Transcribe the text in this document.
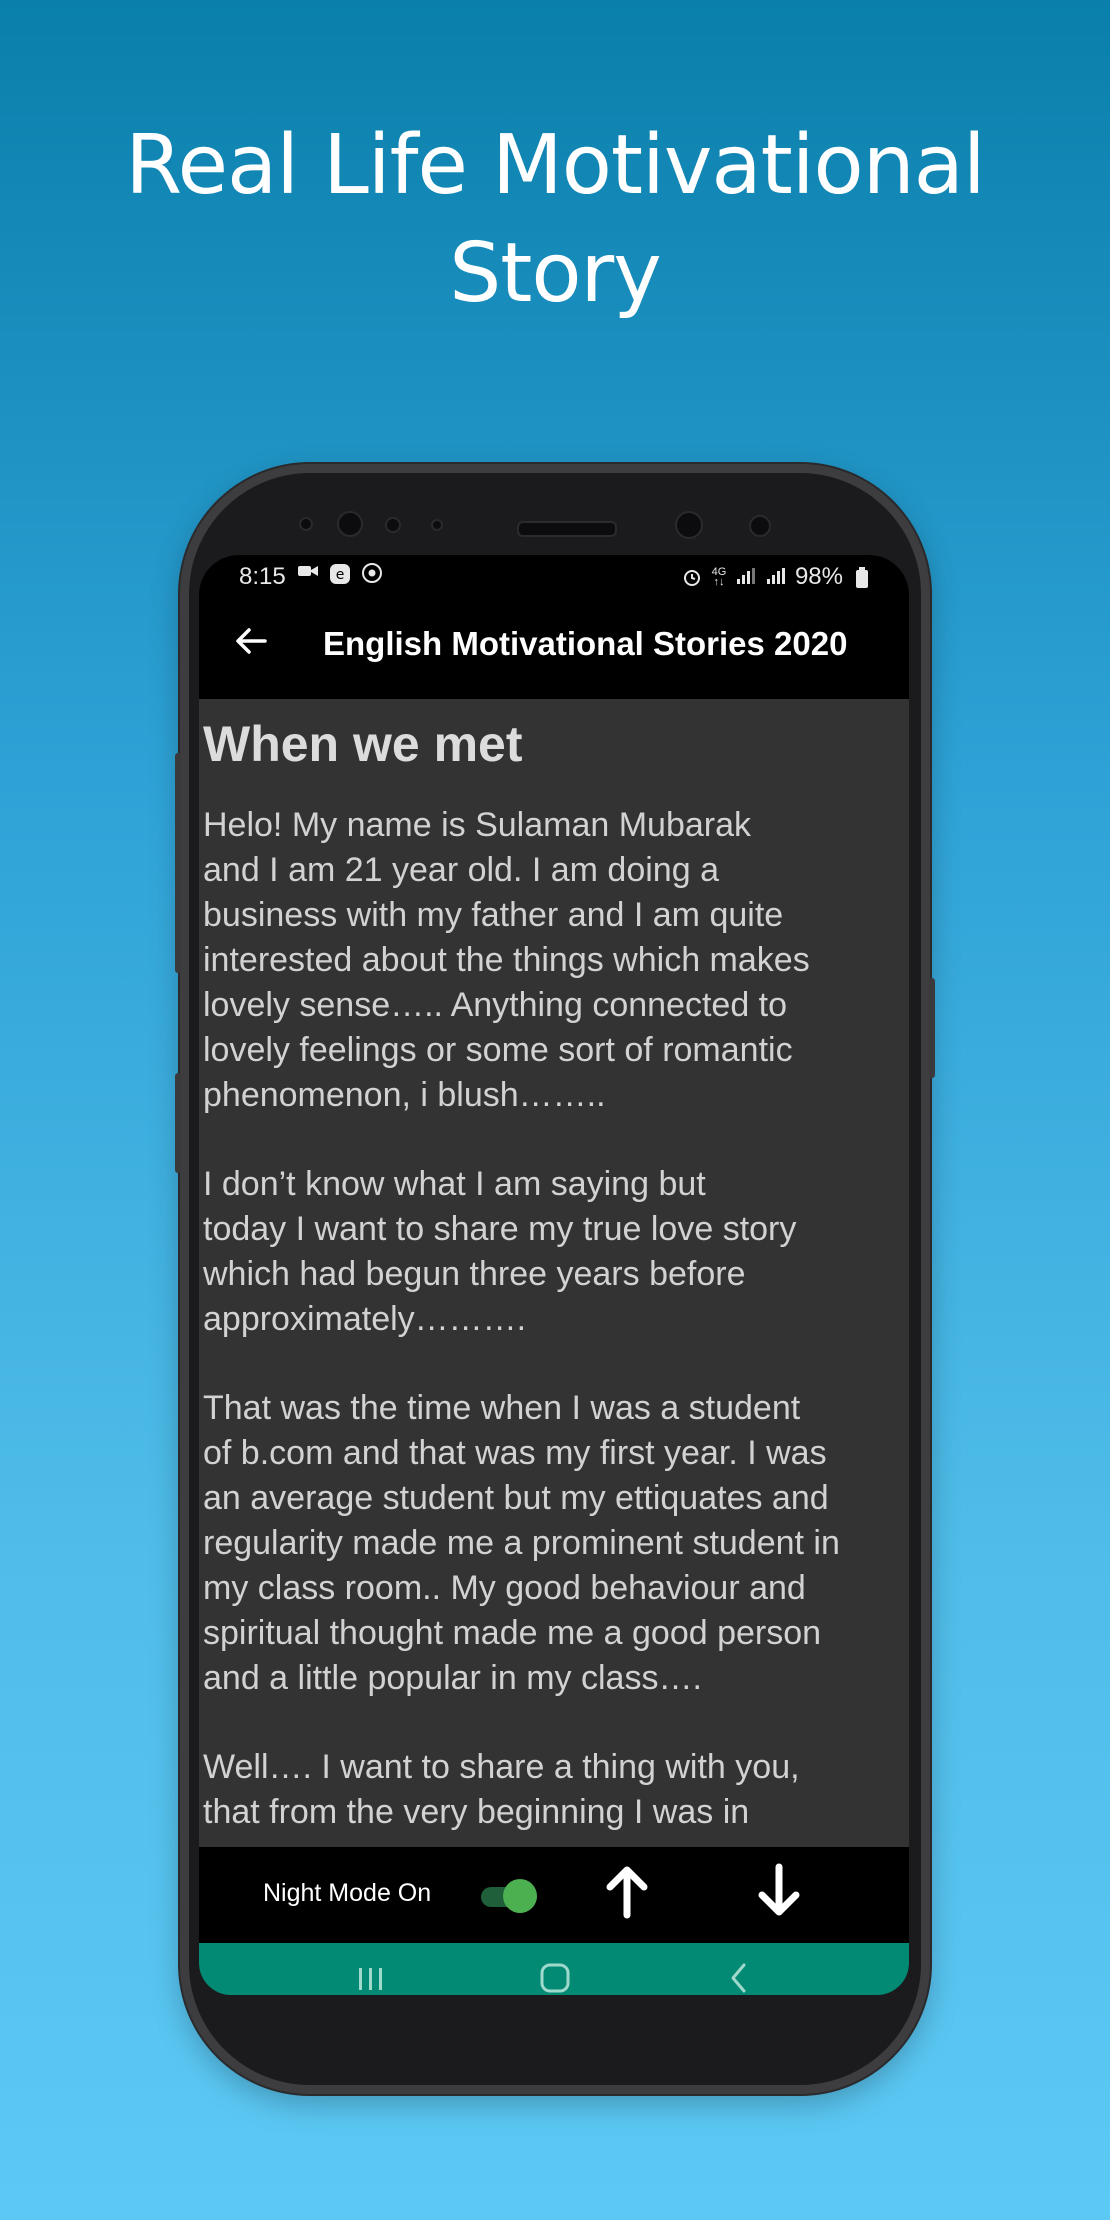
Real Life Motivational
Story
8:15	e	4G
↑↓	98%
English Motivational Stories 2020
When we met

Helo! My name is Sulaman Mubarak
and I am 21 year old. I am doing a
business with my father and I am quite
interested about the things which makes
lovely sense….. Anything connected to
lovely feelings or some sort of romantic
phenomenon, i blush……..

I don’t know what I am saying but
today I want to share my true love story
which had begun three years before
approximately……….

That was the time when I was a student
of b.com and that was my first year. I was
an average student but my ettiquates and
regularity made me a prominent student in
my class room.. My good behaviour and
spiritual thought made me a good person
and a little popular in my class….

Well…. I want to share a thing with you,
that from the very beginning I was in

Night Mode On
